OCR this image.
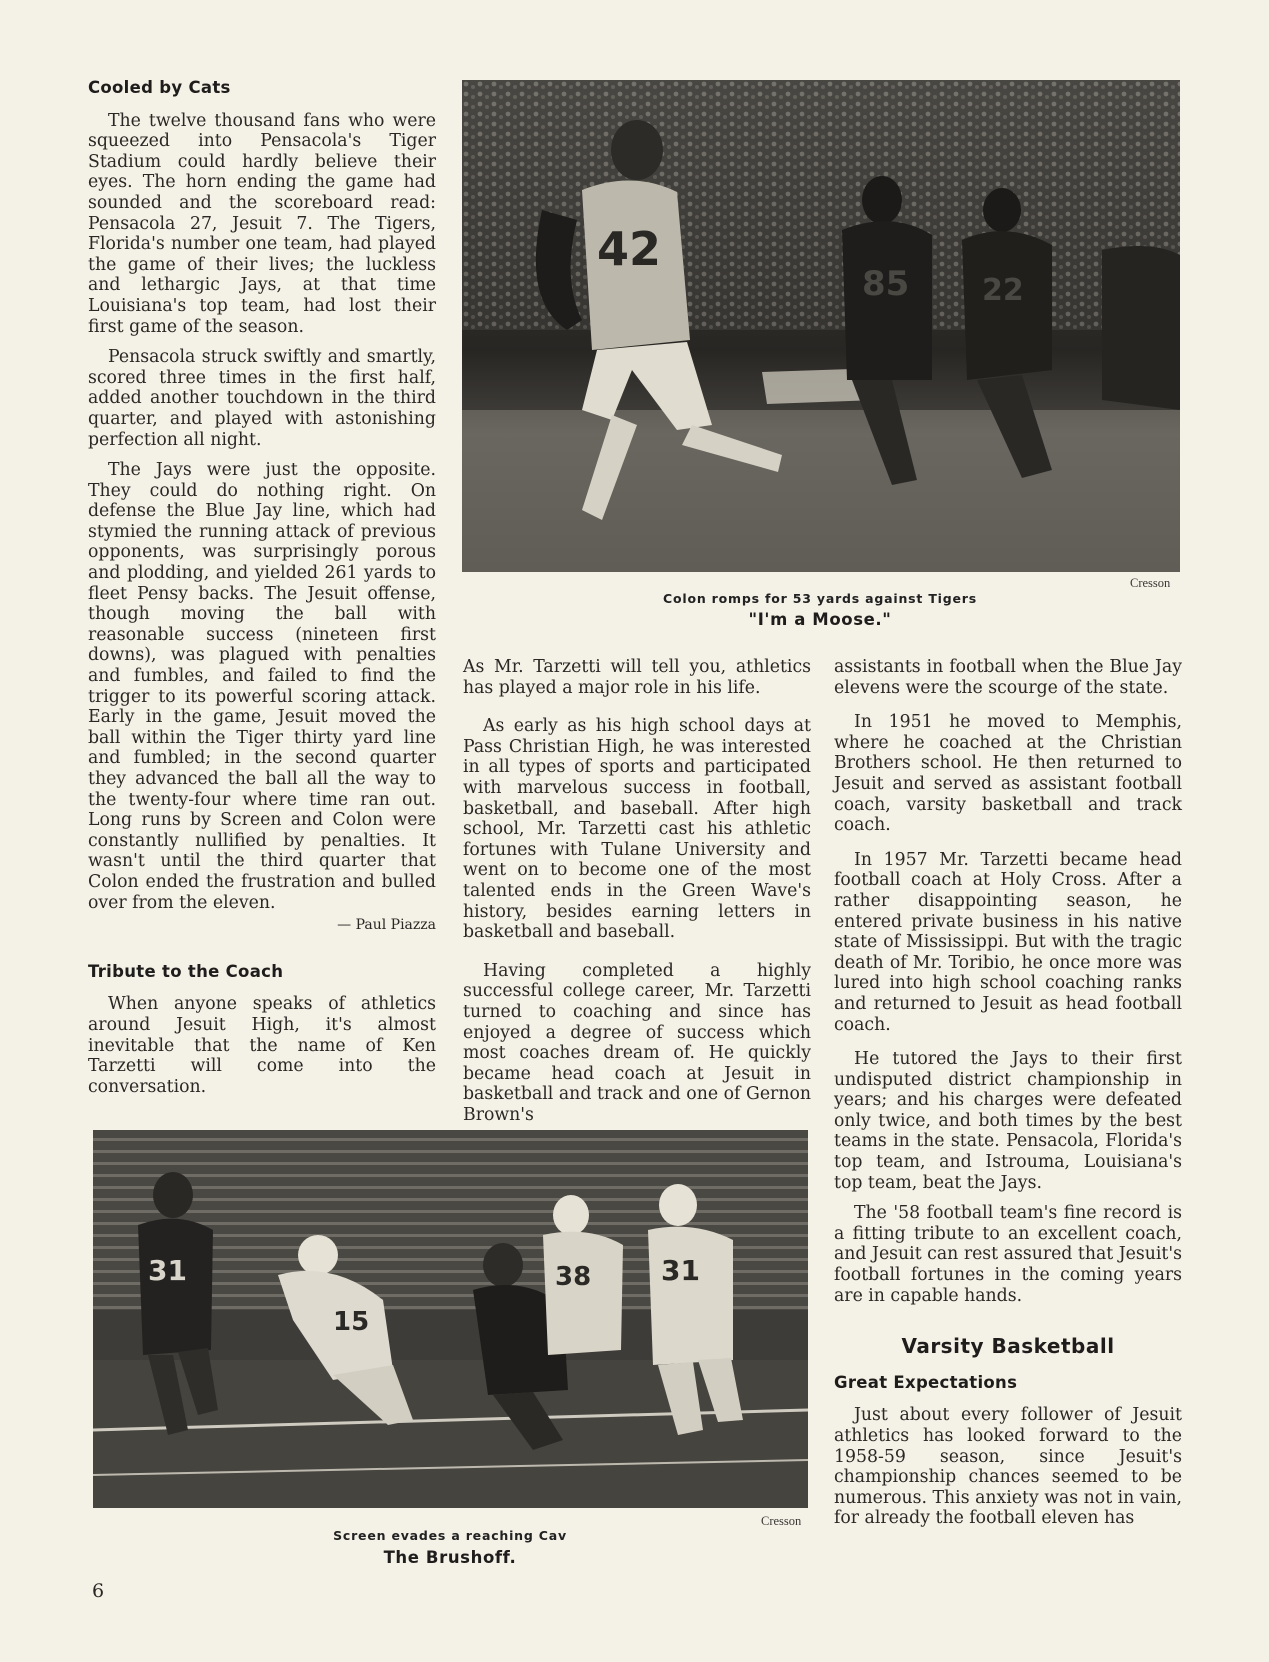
Cooled by Cats

The twelve thousand fans who were squeezed into Pensacola's Tiger Stadium could hardly believe their eyes. The horn ending the game had sounded and the scoreboard read: Pensacola 27, Jesuit 7. The Tigers, Florida's number one team, had played the game of their lives; the luckless and lethargic Jays, at that time Louisiana's top team, had lost their first game of the season.

Pensacola struck swiftly and smartly, scored three times in the first half, added another touchdown in the third quarter, and played with astonishing perfection all night.

The Jays were just the opposite. They could do nothing right. On defense the Blue Jay line, which had stymied the running attack of previous opponents, was surprisingly porous and plodding, and yielded 261 yards to fleet Pensy backs. The Jesuit offense, though moving the ball with reasonable success (nineteen first downs), was plagued with penalties and fumbles, and failed to find the trigger to its powerful scoring attack. Early in the game, Jesuit moved the ball within the Tiger thirty yard line and fumbled; in the second quarter they advanced the ball all the way to the twenty-four where time ran out. Long runs by Screen and Colon were constantly nullified by penalties. It wasn't until the third quarter that Colon ended the frustration and bulled over from the eleven.

— Paul Piazza
Tribute to the Coach

When anyone speaks of athletics around Jesuit High, it's almost inevitable that the name of Ken Tarzetti will come into the conversation.

42
85 22
Cresson
Colon romps for 53 yards against Tigers
"I'm a Moose."

As Mr. Tarzetti will tell you, athletics has played a major role in his life.

As early as his high school days at Pass Christian High, he was interested in all types of sports and participated with marvelous success in football, basketball, and baseball. After high school, Mr. Tarzetti cast his athletic fortunes with Tulane University and went on to become one of the most talented ends in the Green Wave's history, besides earning letters in basketball and baseball.

Having completed a highly successful college career, Mr. Tarzetti turned to coaching and since has enjoyed a degree of success which most coaches dream of. He quickly became head coach at Jesuit in basketball and track and one of Gernon Brown's

assistants in football when the Blue Jay elevens were the scourge of the state.

In 1951 he moved to Memphis, where he coached at the Christian Brothers school. He then returned to Jesuit and served as assistant football coach, varsity basketball and track coach.

In 1957 Mr. Tarzetti became head football coach at Holy Cross. After a rather disappointing season, he entered private business in his native state of Mississippi. But with the tragic death of Mr. Toribio, he once more was lured into high school coaching ranks and returned to Jesuit as head football coach.

He tutored the Jays to their first undisputed district championship in years; and his charges were defeated only twice, and both times by the best teams in the state. Pensacola, Florida's top team, and Istrouma, Louisiana's top team, beat the Jays.

The '58 football team's fine record is a fitting tribute to an excellent coach, and Jesuit can rest assured that Jesuit's football fortunes in the coming years are in capable hands.

Varsity Basketball
Great Expectations

Just about every follower of Jesuit athletics has looked forward to the 1958-59 season, since Jesuit's championship chances seemed to be numerous. This anxiety was not in vain, for already the football eleven has

31
15
38 31
Cresson
Screen evades a reaching Cav
The Brushoff.
6
